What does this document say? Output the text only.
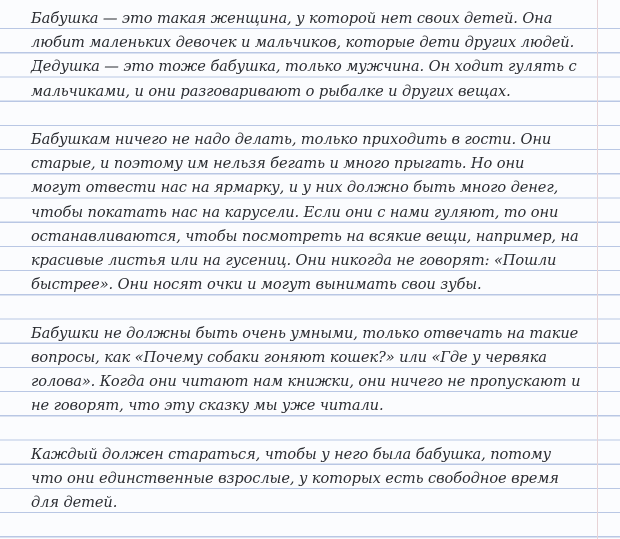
Бабушка — это такая женщина, у которой нет своих детей. Она
любит маленьких девочек и мальчиков, которые дети других людей.
Дедушка — это тоже бабушка, только мужчина. Он ходит гулять с
мальчиками, и они разговаривают о рыбалке и других вещах.

Бабушкам ничего не надо делать, только приходить в гости. Они
старые, и поэтому им нельзя бегать и много прыгать. Но они
могут отвести нас на ярмарку, и у них должно быть много денег,
чтобы покатать нас на карусели. Если они с нами гуляют, то они
останавливаются, чтобы посмотреть на всякие вещи, например, на
красивые листья или на гусениц. Они никогда не говорят: «Пошли
быстрее». Они носят очки и могут вынимать свои зубы.

Бабушки не должны быть очень умными, только отвечать на такие
вопросы, как «Почему собаки гоняют кошек?» или «Где у червяка
голова». Когда они читают нам книжки, они ничего не пропускают и
не говорят, что эту сказку мы уже читали.

Каждый должен стараться, чтобы у него была бабушка, потому
что они единственные взрослые, у которых есть свободное время
для детей.
